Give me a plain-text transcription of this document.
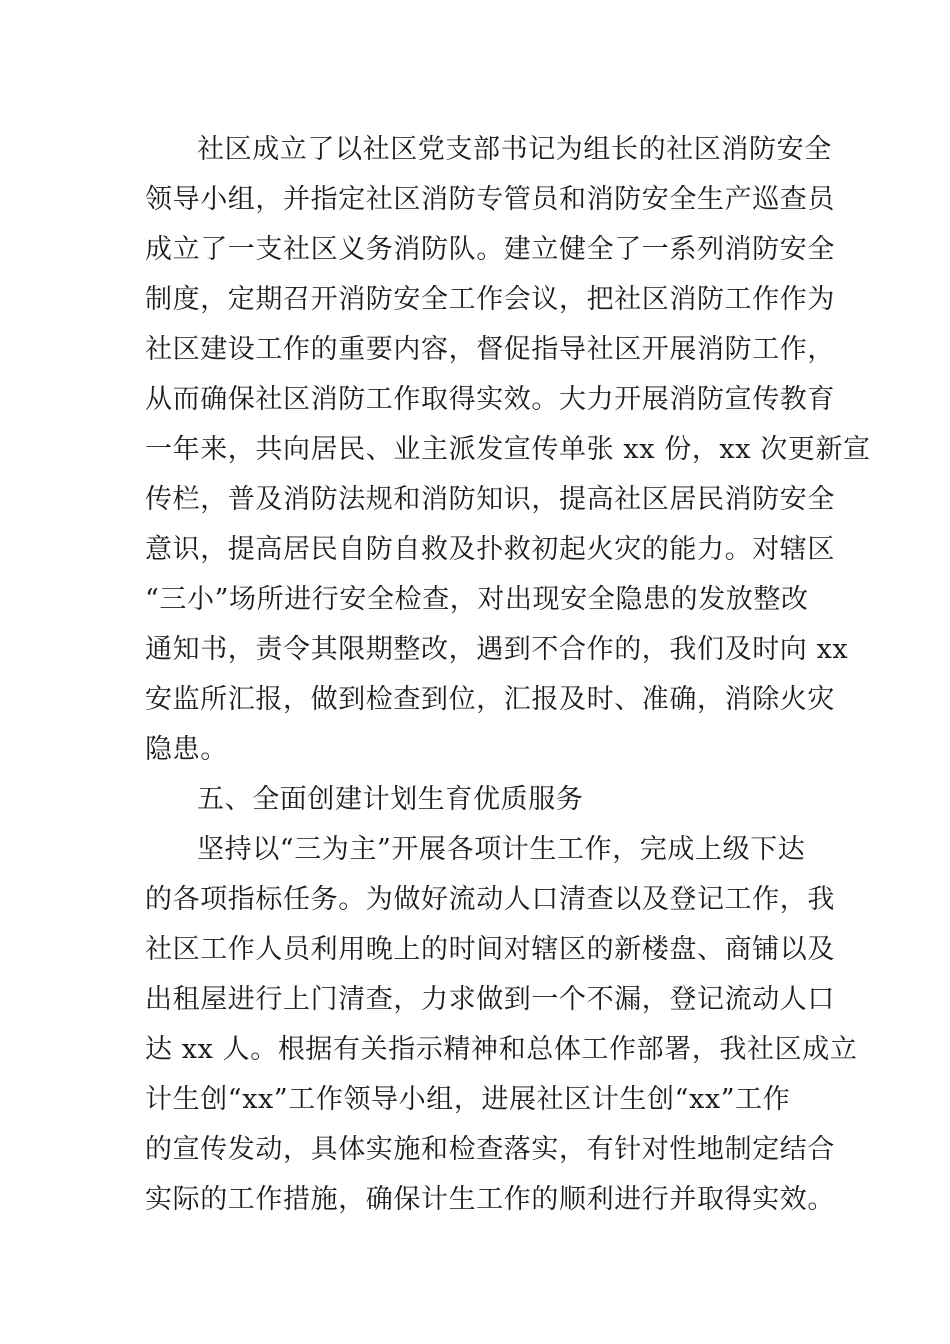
社区成立了以社区党支部书记为组长的社区消防安全
领导小组，并指定社区消防专管员和消防安全生产巡查员
成立了一支社区义务消防队。建立健全了一系列消防安全
制度，定期召开消防安全工作会议，把社区消防工作作为
社区建设工作的重要内容，督促指导社区开展消防工作，
从而确保社区消防工作取得实效。大力开展消防宣传教育
一年来，共向居民、业主派发宣传单张 xx 份，xx 次更新宣
传栏，普及消防法规和消防知识，提高社区居民消防安全
意识，提高居民自防自救及扑救初起火灾的能力。对辖区
“三小”场所进行安全检查，对出现安全隐患的发放整改
通知书，责令其限期整改，遇到不合作的，我们及时向 xx
安监所汇报，做到检查到位，汇报及时、准确，消除火灾
隐患。
五、全面创建计划生育优质服务
坚持以“三为主”开展各项计生工作，完成上级下达
的各项指标任务。为做好流动人口清查以及登记工作，我
社区工作人员利用晚上的时间对辖区的新楼盘、商铺以及
出租屋进行上门清查，力求做到一个不漏，登记流动人口
达 xx 人。根据有关指示精神和总体工作部署，我社区成立
计生创“xx”工作领导小组，进展社区计生创“xx”工作
的宣传发动，具体实施和检查落实，有针对性地制定结合
实际的工作措施，确保计生工作的顺利进行并取得实效。
